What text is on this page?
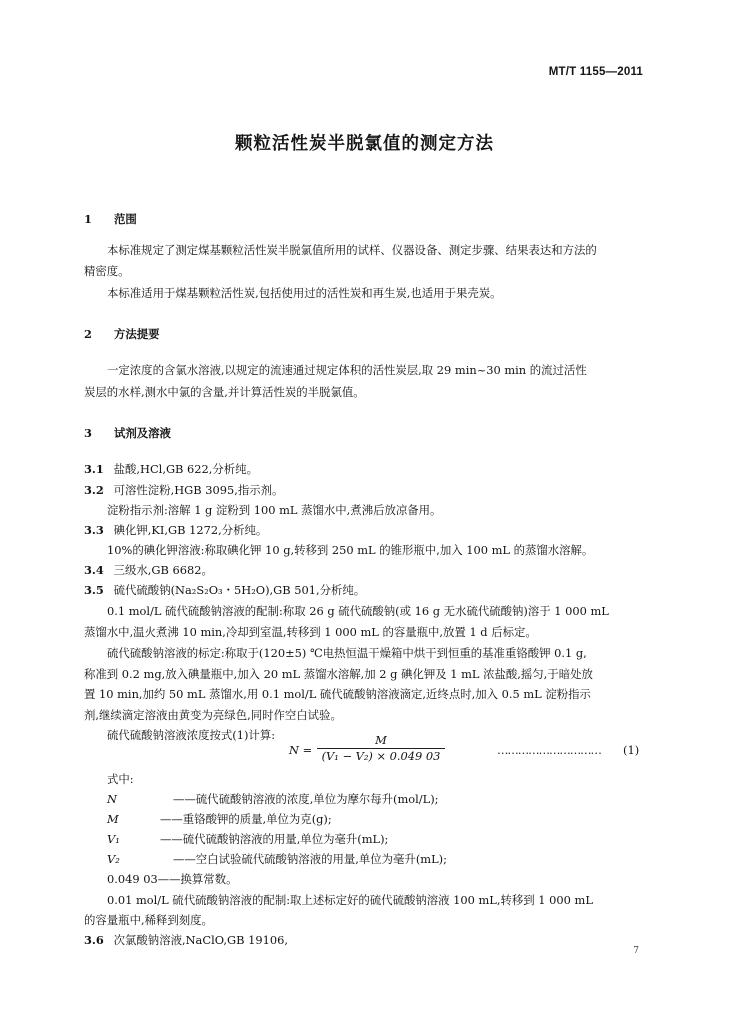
MT/T 1155—2011
颗粒活性炭半脱氯值的测定方法
1 范围
本标准规定了测定煤基颗粒活性炭半脱氯值所用的试样、仪器设备、测定步骤、结果表达和方法的
精密度。
本标准适用于煤基颗粒活性炭,包括使用过的活性炭和再生炭,也适用于果壳炭。
2 方法提要
一定浓度的含氯水溶液,以规定的流速通过规定体积的活性炭层,取 29 min~30 min 的流过活性
炭层的水样,测水中氯的含量,并计算活性炭的半脱氯值。
3 试剂及溶液
3.1 盐酸,HCl,GB 622,分析纯。
3.2 可溶性淀粉,HGB 3095,指示剂。
淀粉指示剂:溶解 1 g 淀粉到 100 mL 蒸馏水中,煮沸后放凉备用。
3.3 碘化钾,KI,GB 1272,分析纯。
10%的碘化钾溶液:称取碘化钾 10 g,转移到 250 mL 的锥形瓶中,加入 100 mL 的蒸馏水溶解。
3.4 三级水,GB 6682。
3.5 硫代硫酸钠(Na₂S₂O₃・5H₂O),GB 501,分析纯。
0.1 mol/L 硫代硫酸钠溶液的配制:称取 26 g 硫代硫酸钠(或 16 g 无水硫代硫酸钠)溶于 1 000 mL
蒸馏水中,温火煮沸 10 min,冷却到室温,转移到 1 000 mL 的容量瓶中,放置 1 d 后标定。
硫代硫酸钠溶液的标定:称取于(120±5) ℃电热恒温干燥箱中烘干到恒重的基准重铬酸钾 0.1 g,
称准到 0.2 mg,放入碘量瓶中,加入 20 mL 蒸馏水溶解,加 2 g 碘化钾及 1 mL 浓盐酸,摇匀,于暗处放
置 10 min,加约 50 mL 蒸馏水,用 0.1 mol/L 硫代硫酸钠溶液滴定,近终点时,加入 0.5 mL 淀粉指示
剂,继续滴定溶液由黄变为亮绿色,同时作空白试验。
硫代硫酸钠溶液浓度按式(1)计算:
N =
M
(V₁ − V₂) × 0.049 03	………………………… (1)
式中:
N	——硫代硫酸钠溶液的浓度,单位为摩尔每升(mol/L);
M	——重铬酸钾的质量,单位为克(g);
V₁	——硫代硫酸钠溶液的用量,单位为毫升(mL);
V₂	——空白试验硫代硫酸钠溶液的用量,单位为毫升(mL);
0.049 03——换算常数。
0.01 mol/L 硫代硫酸钠溶液的配制:取上述标定好的硫代硫酸钠溶液 100 mL,转移到 1 000 mL
的容量瓶中,稀释到刻度。
3.6 次氯酸钠溶液,NaClO,GB 19106,
7
